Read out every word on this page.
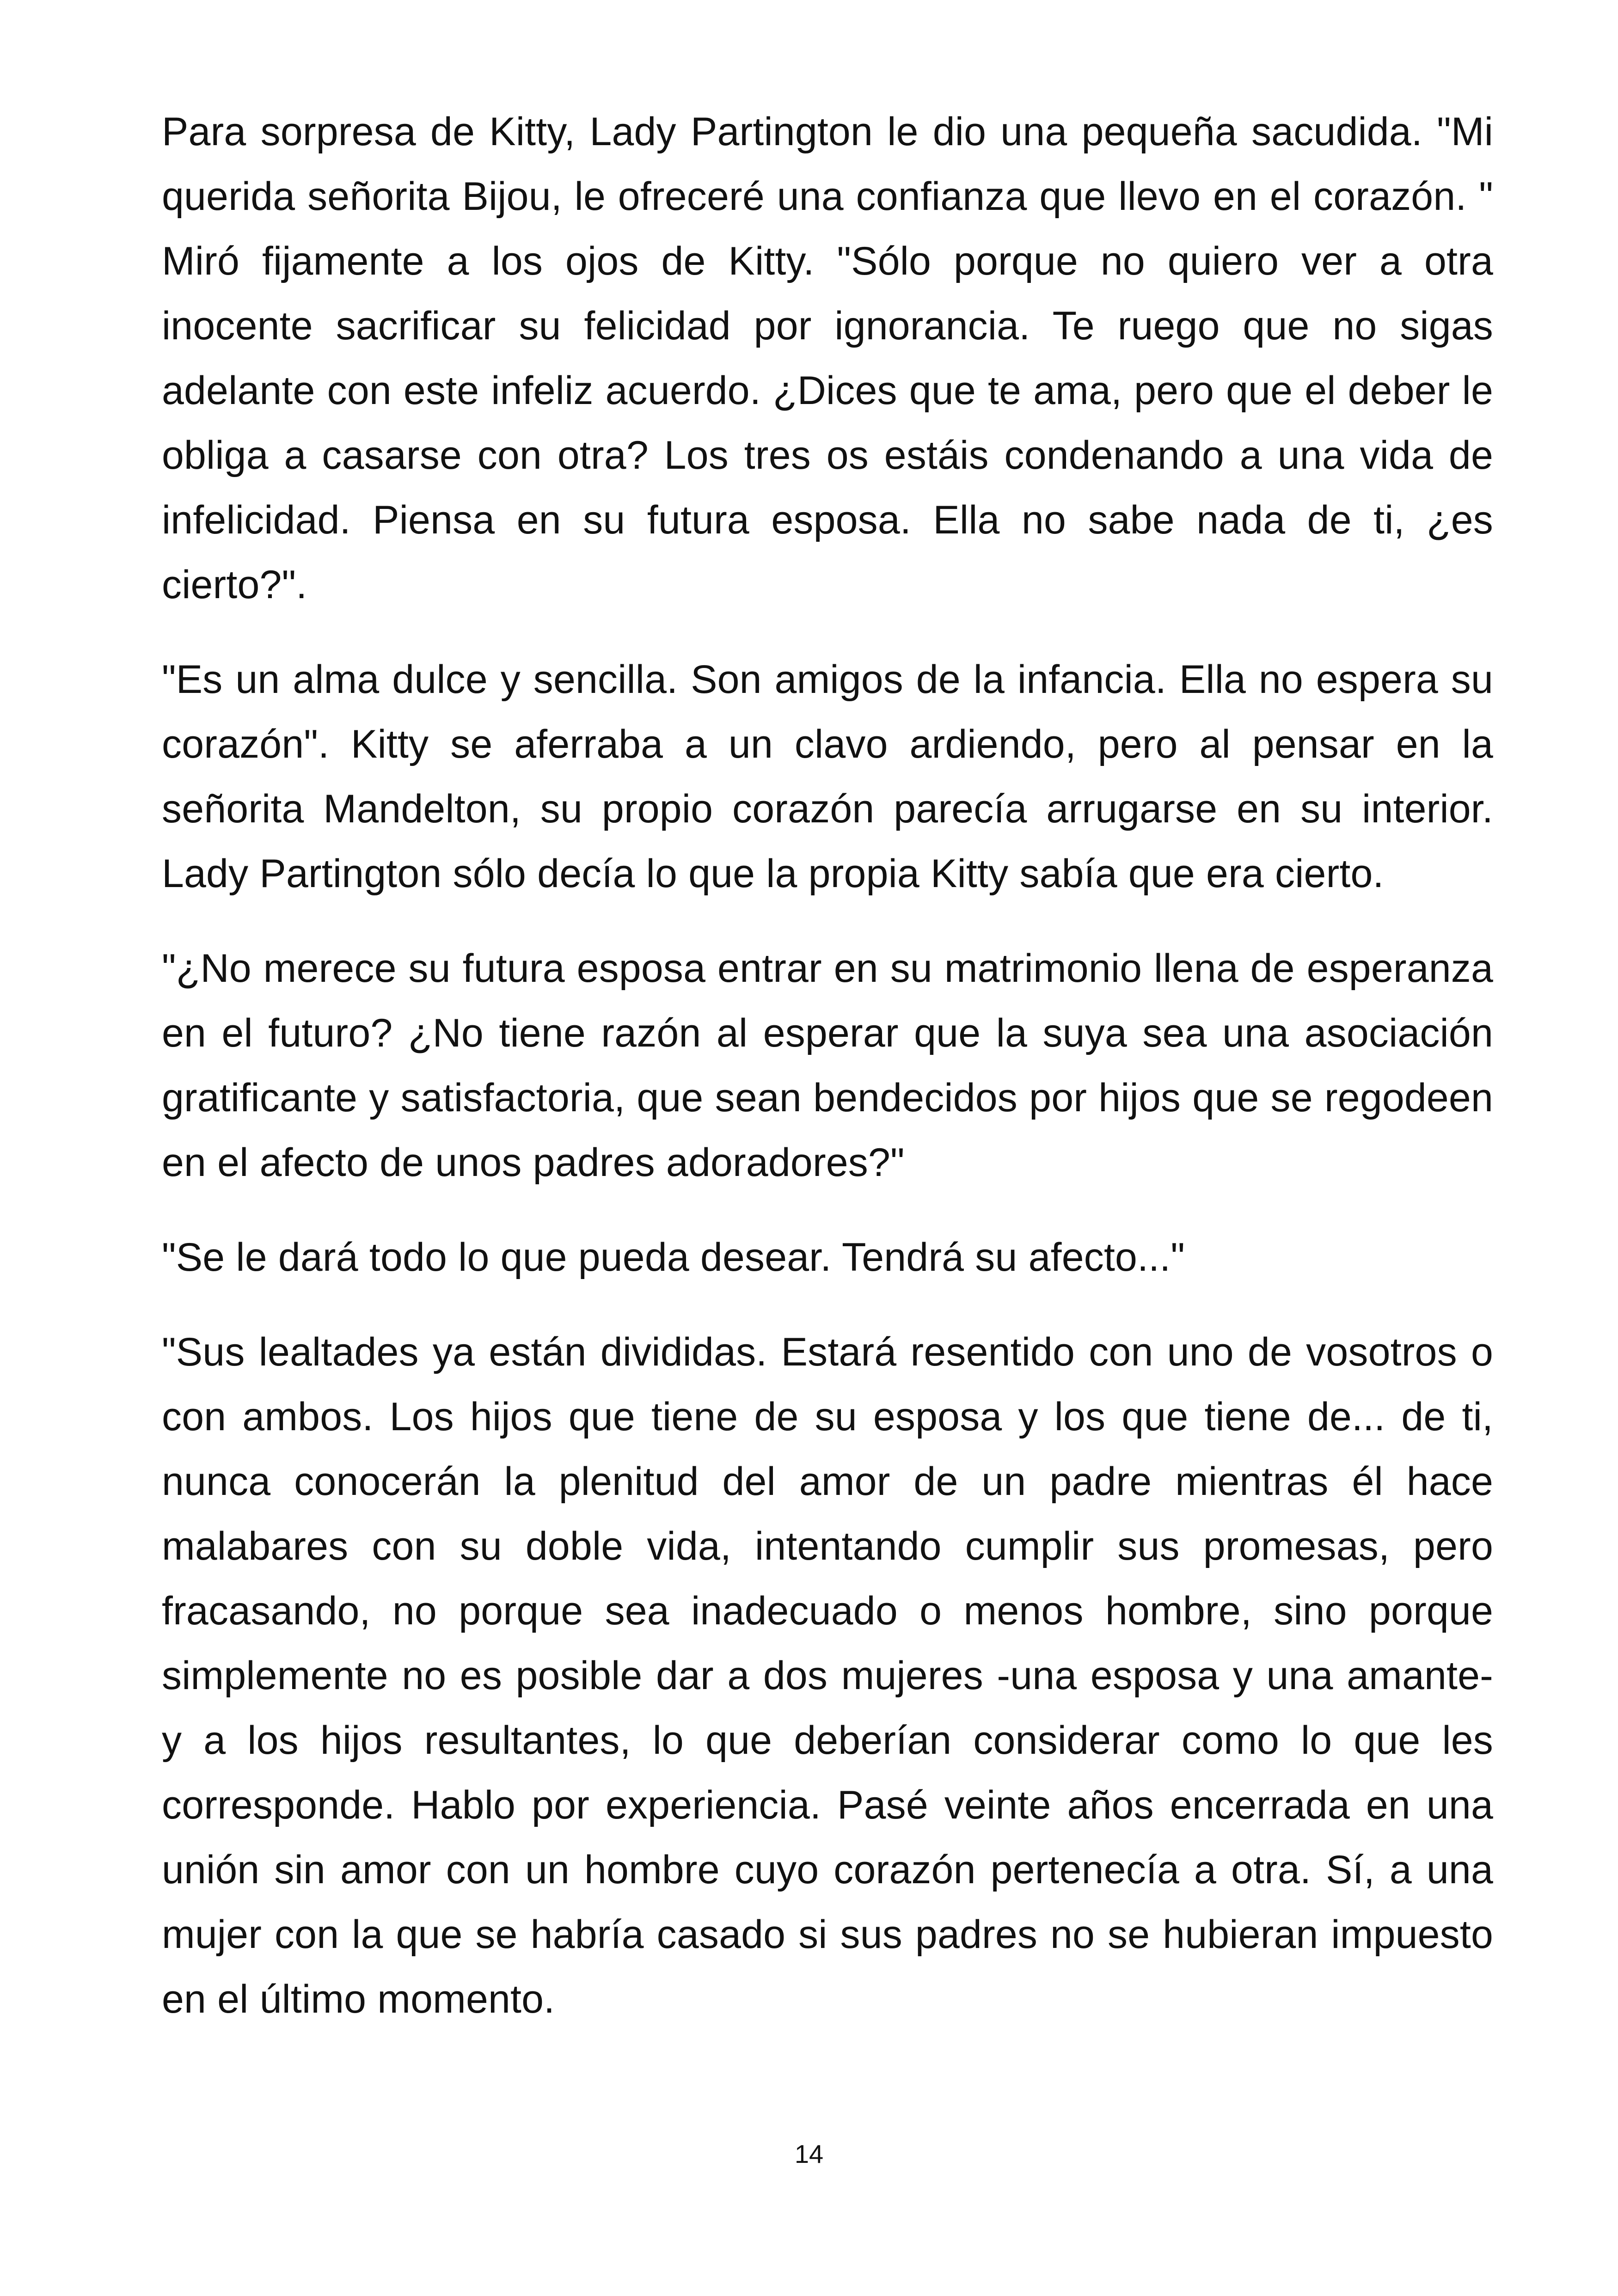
Para sorpresa de Kitty, Lady Partington le dio una pequeña sacudida. "Mi querida señorita Bijou, le ofreceré una confianza que llevo en el corazón. " Miró fijamente a los ojos de Kitty. "Sólo porque no quiero ver a otra inocente sacrificar su felicidad por ignorancia. Te ruego que no sigas adelante con este infeliz acuerdo. ¿Dices que te ama, pero que el deber le obliga a casarse con otra? Los tres os estáis condenando a una vida de infelicidad. Piensa en su futura esposa. Ella no sabe nada de ti, ¿es cierto?".

"Es un alma dulce y sencilla. Son amigos de la infancia. Ella no espera su corazón". Kitty se aferraba a un clavo ardiendo, pero al pensar en la señorita Mandelton, su propio corazón parecía arrugarse en su interior. Lady Partington sólo decía lo que la propia Kitty sabía que era cierto.

"¿No merece su futura esposa entrar en su matrimonio llena de esperanza en el futuro? ¿No tiene razón al esperar que la suya sea una asociación gratificante y satisfactoria, que sean bendecidos por hijos que se regodeen en el afecto de unos padres adoradores?"

"Se le dará todo lo que pueda desear. Tendrá su afecto..."

"Sus lealtades ya están divididas. Estará resentido con uno de vosotros o con ambos. Los hijos que tiene de su esposa y los que tiene de... de ti, nunca conocerán la plenitud del amor de un padre mientras él hace malabares con su doble vida, intentando cumplir sus promesas, pero fracasando, no porque sea inadecuado o menos hombre, sino porque simplemente no es posible dar a dos mujeres -una esposa y una amante- y a los hijos resultantes, lo que deberían considerar como lo que les corresponde. Hablo por experiencia. Pasé veinte años encerrada en una unión sin amor con un hombre cuyo corazón pertenecía a otra. Sí, a una mujer con la que se habría casado si sus padres no se hubieran impuesto en el último momento.

14
